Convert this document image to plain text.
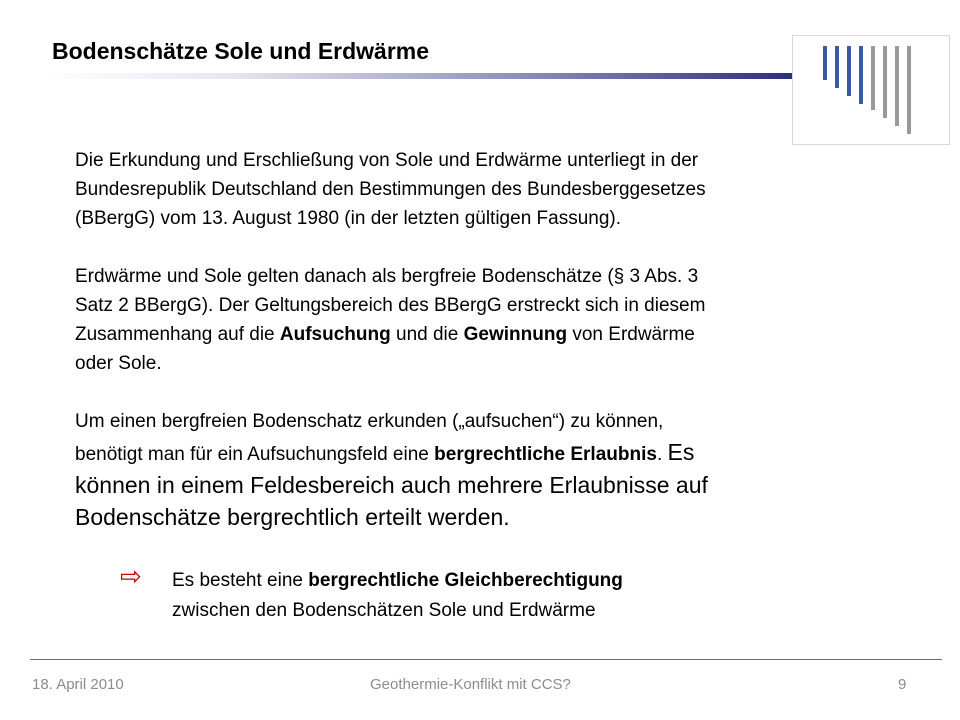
Bodenschätze Sole und Erdwärme

Die Erkundung und Erschließung von Sole und Erdwärme unterliegt in der

Bundesrepublik Deutschland den Bestimmungen des Bundesberggesetzes

(BBergG) vom 13. August 1980 (in der letzten gültigen Fassung).

Erdwärme und Sole gelten danach als bergfreie Bodenschätze (§ 3 Abs. 3

Satz 2 BBergG). Der Geltungsbereich des BBergG erstreckt sich in diesem

Zusammenhang auf die Aufsuchung und die Gewinnung von Erdwärme

oder Sole.

Um einen bergfreien Bodenschatz erkunden („aufsuchen“) zu können,

benötigt man für ein Aufsuchungsfeld eine bergrechtliche Erlaubnis. Es

können in einem Feldesbereich auch mehrere Erlaubnisse auf

Bodenschätze bergrechtlich erteilt werden.

⇨ Es besteht eine bergrechtliche Gleichberechtigung
zwischen den Bodenschätzen Sole und Erdwärme
18. April 2010	Geothermie-Konflikt mit CCS?	9
